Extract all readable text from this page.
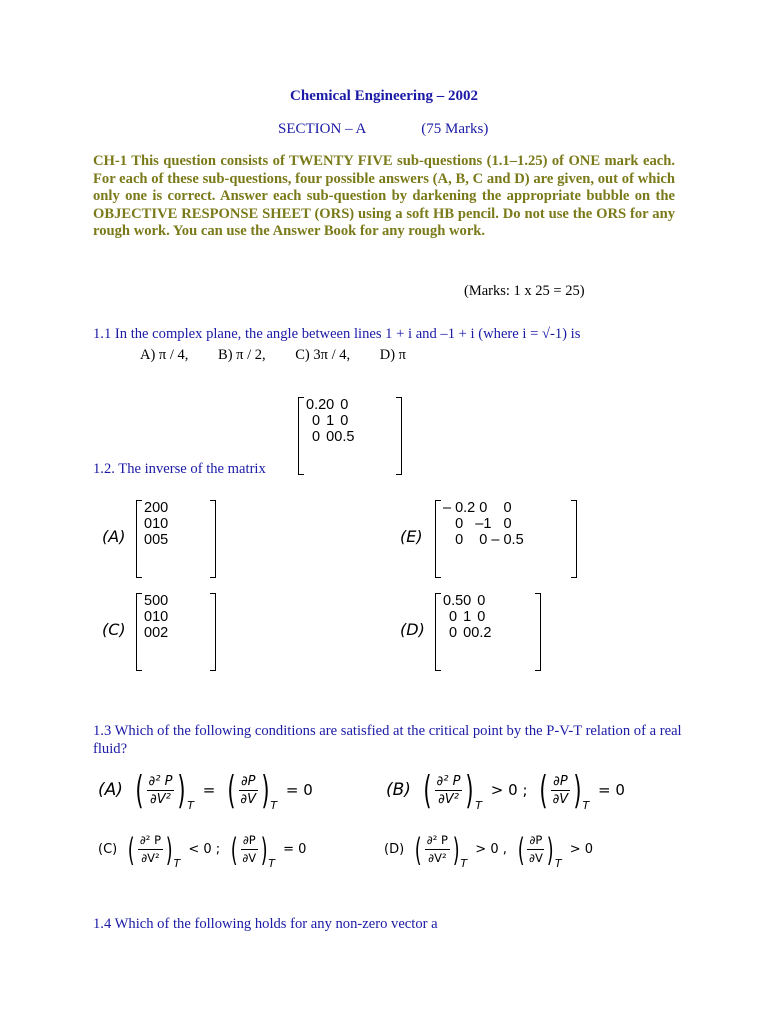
Chemical Engineering – 2002
SECTION – A	(75 Marks)
CH-1 This question consists of TWENTY FIVE sub-questions (1.1–1.25) of ONE mark each. For each of these sub-questions, four possible answers (A, B, C and D) are given, out of which only one is correct. Answer each sub-question by darkening the appropriate bubble on the OBJECTIVE RESPONSE SHEET (ORS) using a soft HB pencil. Do not use the ORS for any rough work. You can use the Answer Book for any rough work.
(Marks: 1 x 25 = 25)
1.1 In the complex plane, the angle between lines 1 + i and –1 + i (where i = √-1) is
A) π / 4, B) π / 2, C) 3π / 4, D) π
1.2. The inverse of the matrix
0.2	0	0
0	1	0
0	0	0.5
(A)
2	0	0
0	1	0
0	0	5	(E)
– 0.2	0	0
0	–1	0
0	0	– 0.5
(C)
5	0	0
0	1	0
0	0	2	(D)
0.5	0	0
0	1	0
0	0	0.2
1.3 Which of the following conditions are satisfied at the critical point by the P-V-T relation of a real fluid?
(A) ( $\frac{\text{∂² P}}{\text{∂V²}} )_T$ = ( $\frac{\partial P}{\partial V} )_T = 0$	(B) ( $\frac{\text{∂² P}}{\text{∂V²}} )_T > 0$ ; ( $\frac{\partial P}{\partial V} )_T = 0$
(C) ( $\frac{\text{∂² P}}{\text{∂V²}} )_T < 0$ ; ( $\frac{\partial P}{\partial V} )_T = 0$	(D) ( $\frac{\text{∂² P}}{\text{∂V²}} )_T > 0$ , ( $\frac{\partial P}{\partial V} )_T > 0$
1.4 Which of the following holds for any non-zero vector a
